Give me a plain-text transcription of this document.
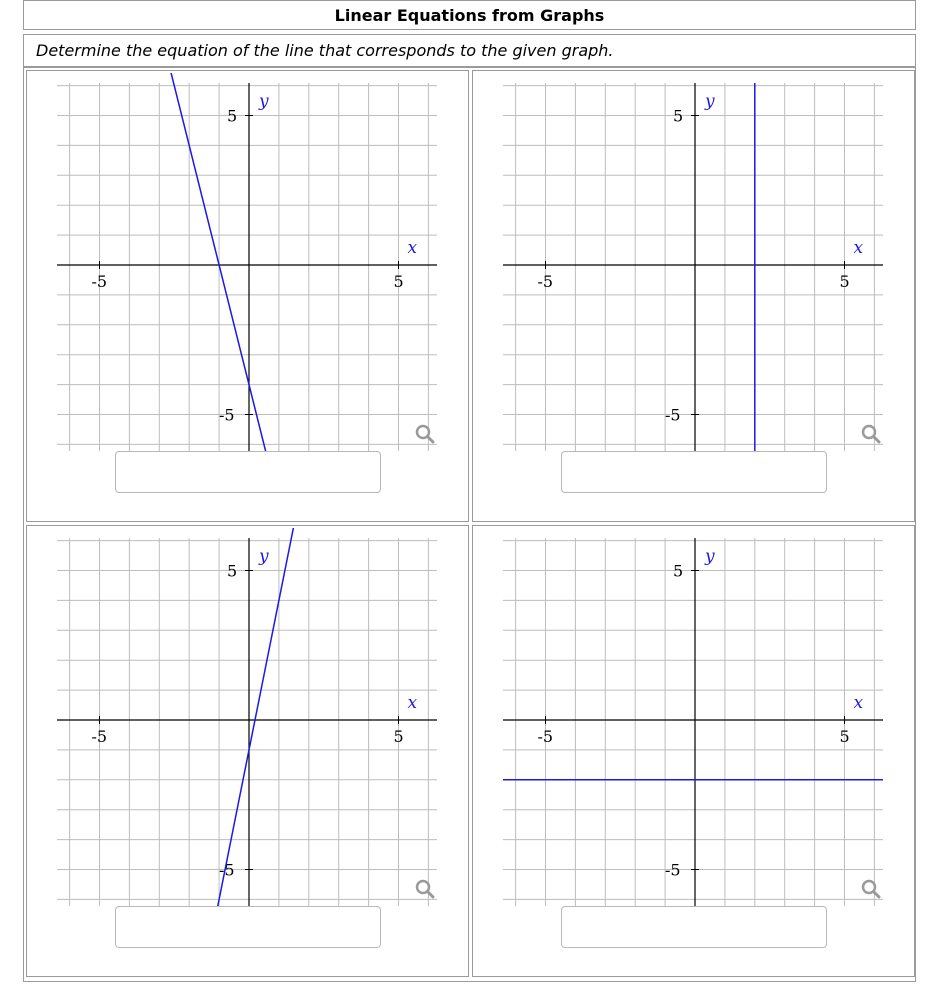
Linear Equations from Graphs
Determine the equation of the line that corresponds to the given graph.
-5	5
5
-5
x
y
-5	5
5
-5
x
y
-5	5
5
-5
x
y
-5	5
5
-5
x
y
